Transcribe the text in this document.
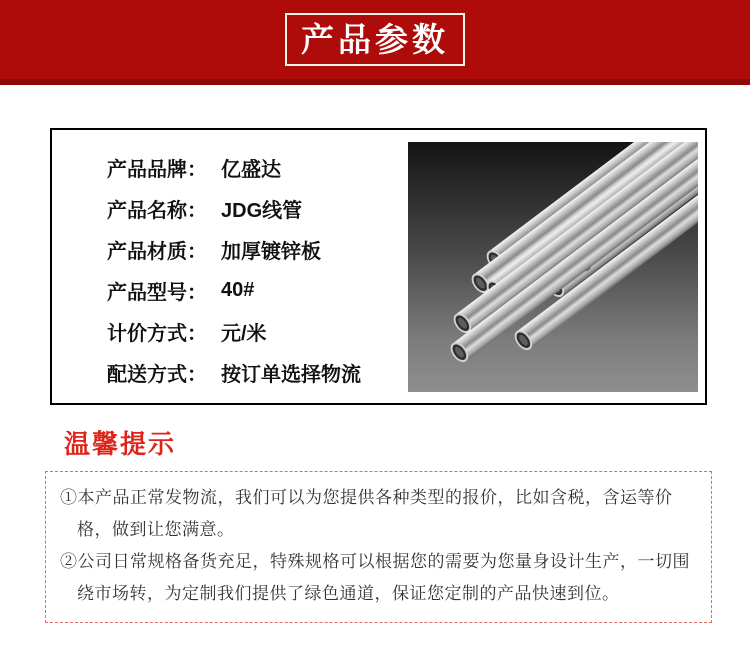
产品参数
产品品牌： 亿盛达
产品名称： JDG线管
产品材质： 加厚镀锌板
产品型号： 40#
计价方式： 元/米
配送方式： 按订单选择物流
温馨提示

①本产品正常发物流，我们可以为您提供各种类型的报价，比如含税，含运等价格，做到让您满意。

②公司日常规格备货充足，特殊规格可以根据您的需要为您量身设计生产，一切围绕市场转，为定制我们提供了绿色通道，保证您定制的产品快速到位。
